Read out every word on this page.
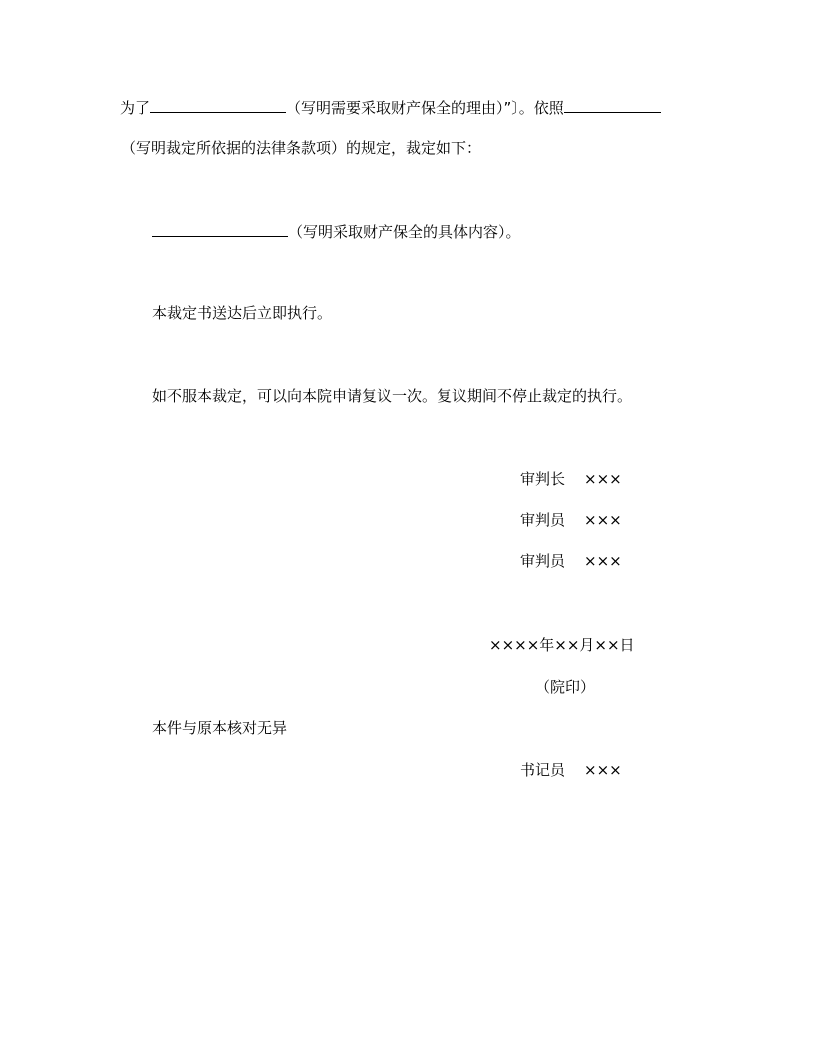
为了	（写明需要采取财产保全的理由）”〕。依照
（写明裁定所依据的法律条款项）的规定，裁定如下：
（写明采取财产保全的具体内容）。
本裁定书送达后立即执行。
如不服本裁定，可以向本院申请复议一次。复议期间不停止裁定的执行。
审判长 ×××
审判员 ×××
审判员 ×××
××××年××月××日
（院印）
本件与原本核对无异
书记员 ×××
